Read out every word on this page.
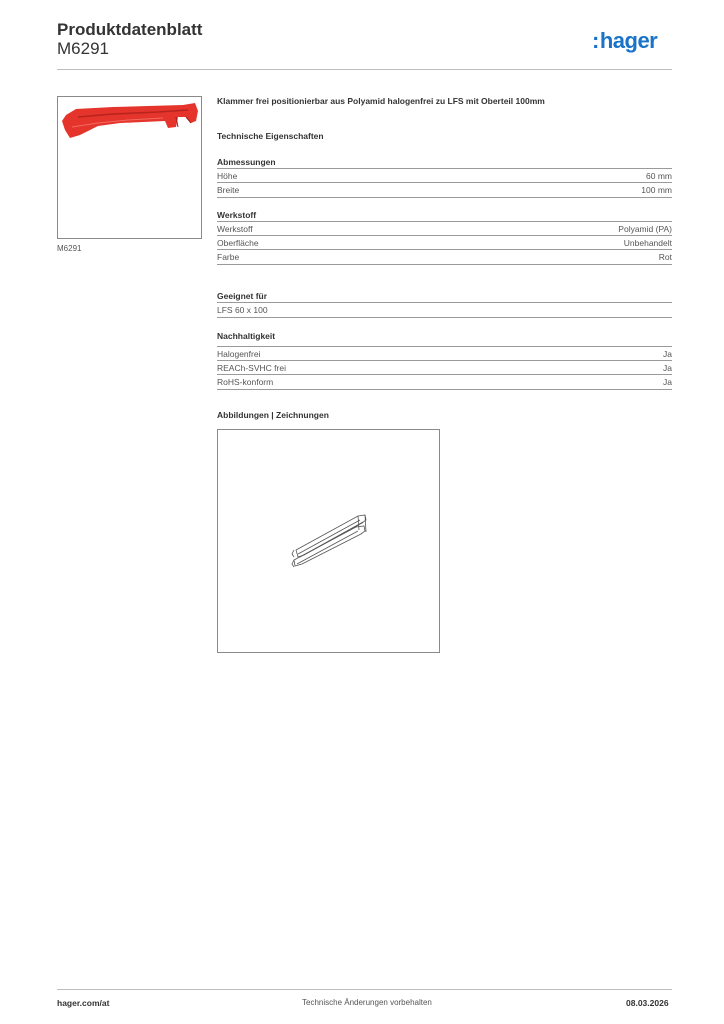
Produktdatenblatt
M6291	:hager
M6291
Klammer frei positionierbar aus Polyamid halogenfrei zu LFS mit Oberteil 100mm
Technische Eigenschaften
Abmessungen
Höhe	60 mm
Breite	100 mm
Werkstoff
Werkstoff	Polyamid (PA)
Oberfläche	Unbehandelt
Farbe	Rot
Geeignet für
LFS 60 x 100
Nachhaltigkeit
Halogenfrei	Ja
REACh-SVHC frei	Ja
RoHS-konform	Ja
Abbildungen | Zeichnungen
hager.com/at	Technische Änderungen vorbehalten	08.03.2026
